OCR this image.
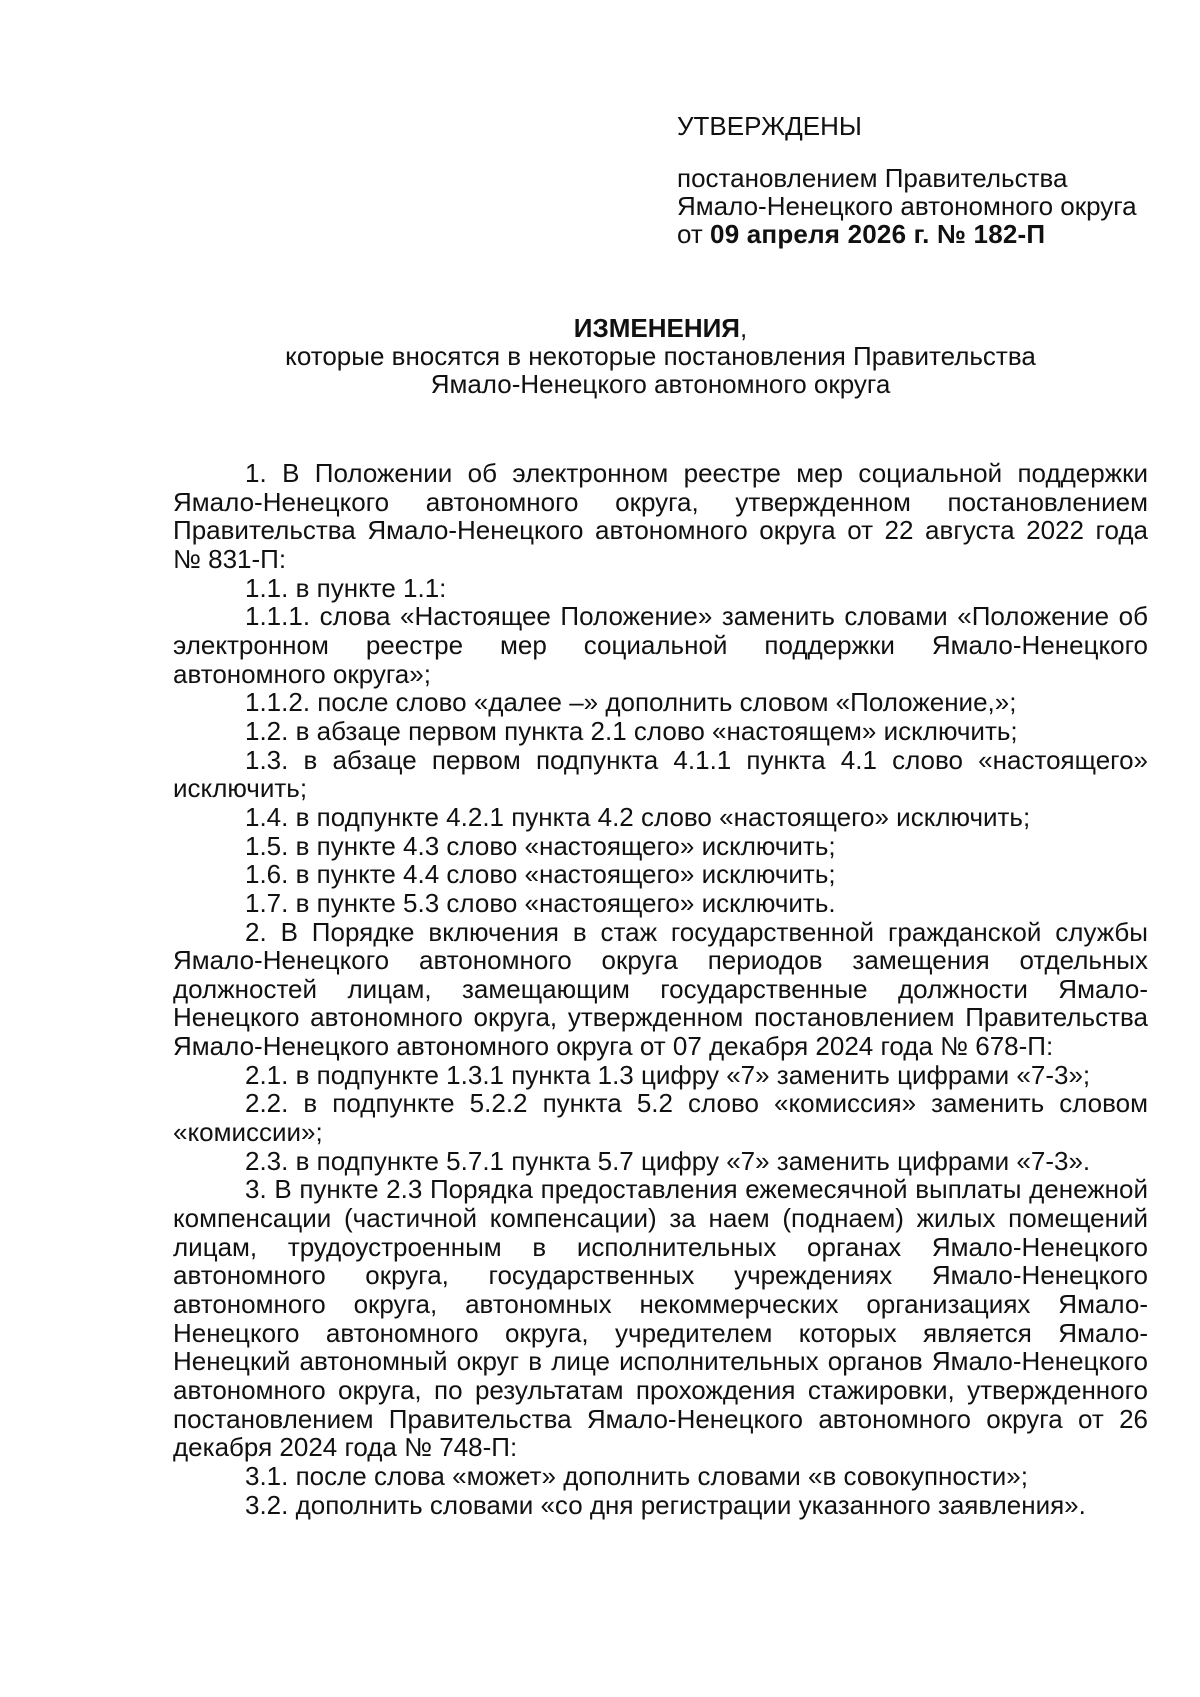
УТВЕРЖДЕНЫ

постановлением Правительства
Ямало-Ненецкого автономного округа
от 09 апреля 2026 г. № 182-П
ИЗМЕНЕНИЯ,
которые вносятся в некоторые постановления Правительства
Ямало-Ненецкого автономного округа

1. В Положении об электронном реестре мер социальной поддержки Ямало-Ненецкого автономного округа, утвержденном постановлением Правительства Ямало-Ненецкого автономного округа от 22 августа 2022 года № 831-П:

1.1. в пункте 1.1:

1.1.1. слова «Настоящее Положение» заменить словами «Положение об электронном реестре мер социальной поддержки Ямало-Ненецкого автономного округа»;

1.1.2. после слово «далее –» дополнить словом «Положение,»;

1.2. в абзаце первом пункта 2.1 слово «настоящем» исключить;

1.3. в абзаце первом подпункта 4.1.1 пункта 4.1 слово «настоящего» исключить;

1.4. в подпункте 4.2.1 пункта 4.2 слово «настоящего» исключить;

1.5. в пункте 4.3 слово «настоящего» исключить;

1.6. в пункте 4.4 слово «настоящего» исключить;

1.7. в пункте 5.3 слово «настоящего» исключить.

2. В Порядке включения в стаж государственной гражданской службы Ямало-Ненецкого автономного округа периодов замещения отдельных должностей лицам, замещающим государственные должности Ямало-Ненецкого автономного округа, утвержденном постановлением Правительства Ямало-Ненецкого автономного округа от 07 декабря 2024 года № 678-П:

2.1. в подпункте 1.3.1 пункта 1.3 цифру «7» заменить цифрами «7-3»;

2.2. в подпункте 5.2.2 пункта 5.2 слово «комиссия» заменить словом «комиссии»;

2.3. в подпункте 5.7.1 пункта 5.7 цифру «7» заменить цифрами «7-3».

3. В пункте 2.3 Порядка предоставления ежемесячной выплаты денежной компенсации (частичной компенсации) за наем (поднаем) жилых помещений лицам, трудоустроенным в исполнительных органах Ямало-Ненецкого автономного округа, государственных учреждениях Ямало-Ненецкого автономного округа, автономных некоммерческих организациях Ямало-Ненецкого автономного округа, учредителем которых является Ямало-Ненецкий автономный округ в лице исполнительных органов Ямало-Ненецкого автономного округа, по результатам прохождения стажировки, утвержденного постановлением Правительства Ямало-Ненецкого автономного округа от 26 декабря 2024 года № 748-П:

3.1. после слова «может» дополнить словами «в совокупности»;

3.2. дополнить словами «со дня регистрации указанного заявления».
